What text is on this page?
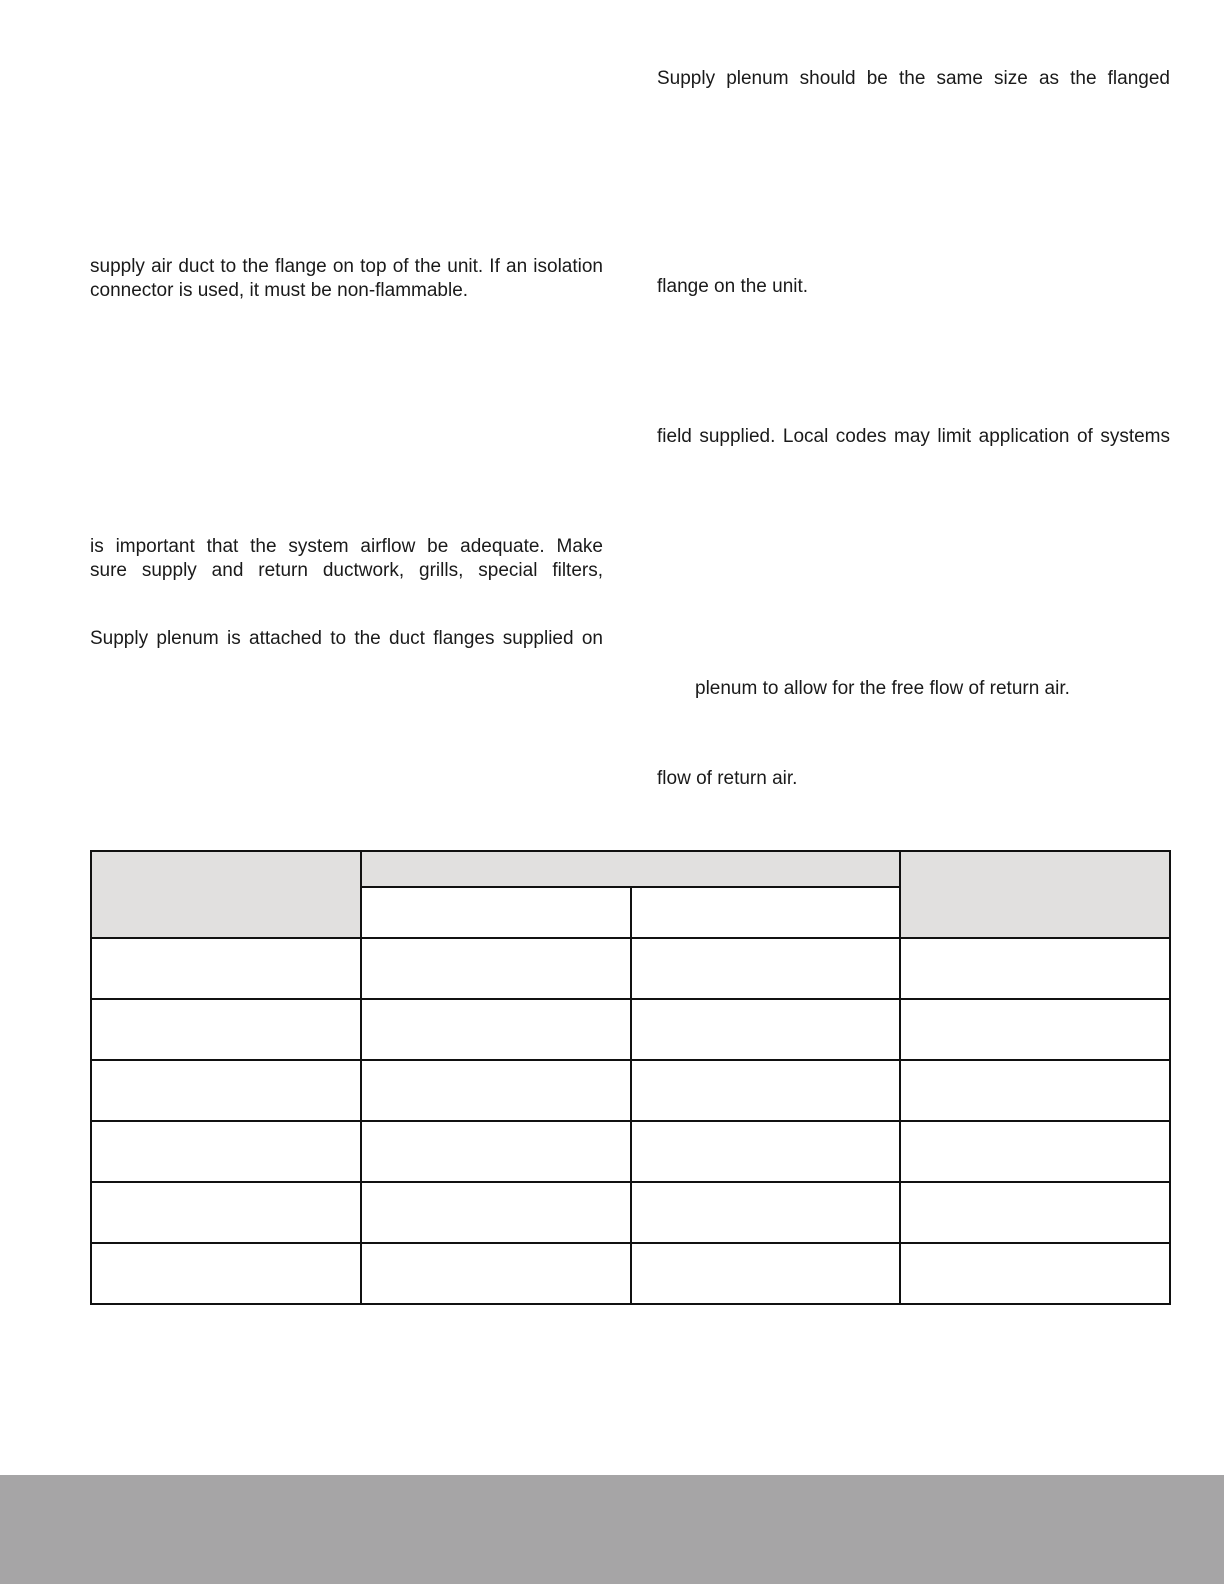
supply air duct to the flange on top of the unit. If an isolation
connector is used, it must be non-flammable.
is important that the system airflow be adequate. Make
sure supply and return ductwork, grills, special filters,
Supply plenum is attached to the duct flanges supplied on
Supply plenum should be the same size as the flanged
flange on the unit.
field supplied. Local codes may limit application of systems
plenum to allow for the free flow of return air.
flow of return air.
